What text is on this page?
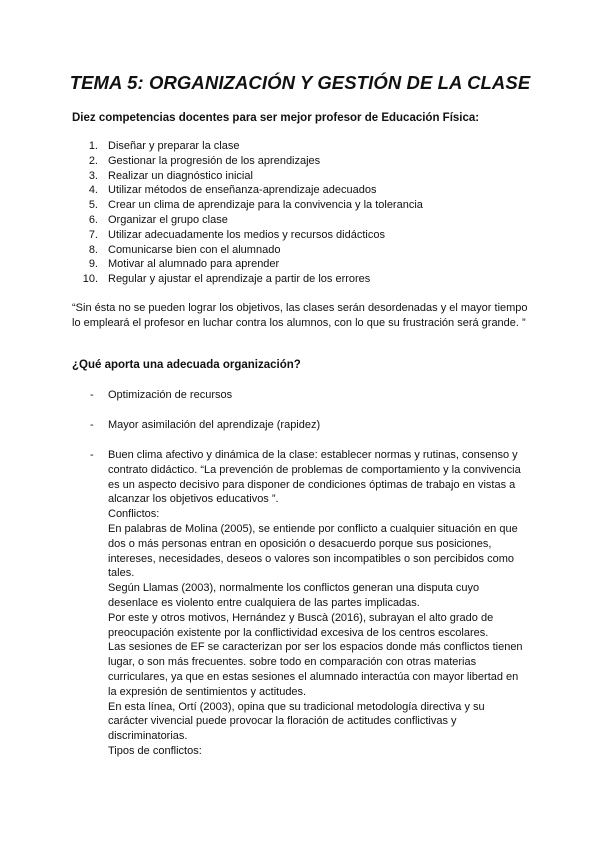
TEMA 5: ORGANIZACIÓN Y GESTIÓN DE LA CLASE
Diez competencias docentes para ser mejor profesor de Educación Física:
1. Diseñar y preparar la clase
2. Gestionar la progresión de los aprendizajes
3. Realizar un diagnóstico inicial
4. Utilizar métodos de enseñanza-aprendizaje adecuados
5. Crear un clima de aprendizaje para la convivencia y la tolerancia
6. Organizar el grupo clase
7. Utilizar adecuadamente los medios y recursos didácticos
8. Comunicarse bien con el alumnado
9. Motivar al alumnado para aprender
10. Regular y ajustar el aprendizaje a partir de los errores
“Sin ésta no se pueden lograr los objetivos, las clases serán desordenadas y el mayor tiempo lo empleará el profesor en luchar contra los alumnos, con lo que su frustración será grande. ”
¿Qué aporta una adecuada organización?
- Optimización de recursos
- Mayor asimilación del aprendizaje (rapidez)
- Buen clima afectivo y dinámica de la clase: establecer normas y rutinas, consenso y
contrato didáctico. “La prevención de problemas de comportamiento y la convivencia
es un aspecto decisivo para disponer de condiciones óptimas de trabajo en vistas a
alcanzar los objetivos educativos ”.
Conflictos:
En palabras de Molina (2005), se entiende por conflicto a cualquier situación en que
dos o más personas entran en oposición o desacuerdo porque sus posiciones,
intereses, necesidades, deseos o valores son incompatibles o son percibidos como
tales.
Según Llamas (2003), normalmente los conflictos generan una disputa cuyo
desenlace es violento entre cualquiera de las partes implicadas.
Por este y otros motivos, Hernández y Buscà (2016), subrayan el alto grado de
preocupación existente por la conflictividad excesiva de los centros escolares.
Las sesiones de EF se caracterizan por ser los espacios donde más conflictos tienen
lugar, o son más frecuentes. sobre todo en comparación con otras materias
curriculares, ya que en estas sesiones el alumnado interactúa con mayor libertad en
la expresión de sentimientos y actitudes.
En esta línea, Ortí (2003), opina que su tradicional metodología directiva y su
carácter vivencial puede provocar la floración de actitudes conflictivas y
discriminatorias.
Tipos de conflictos:
